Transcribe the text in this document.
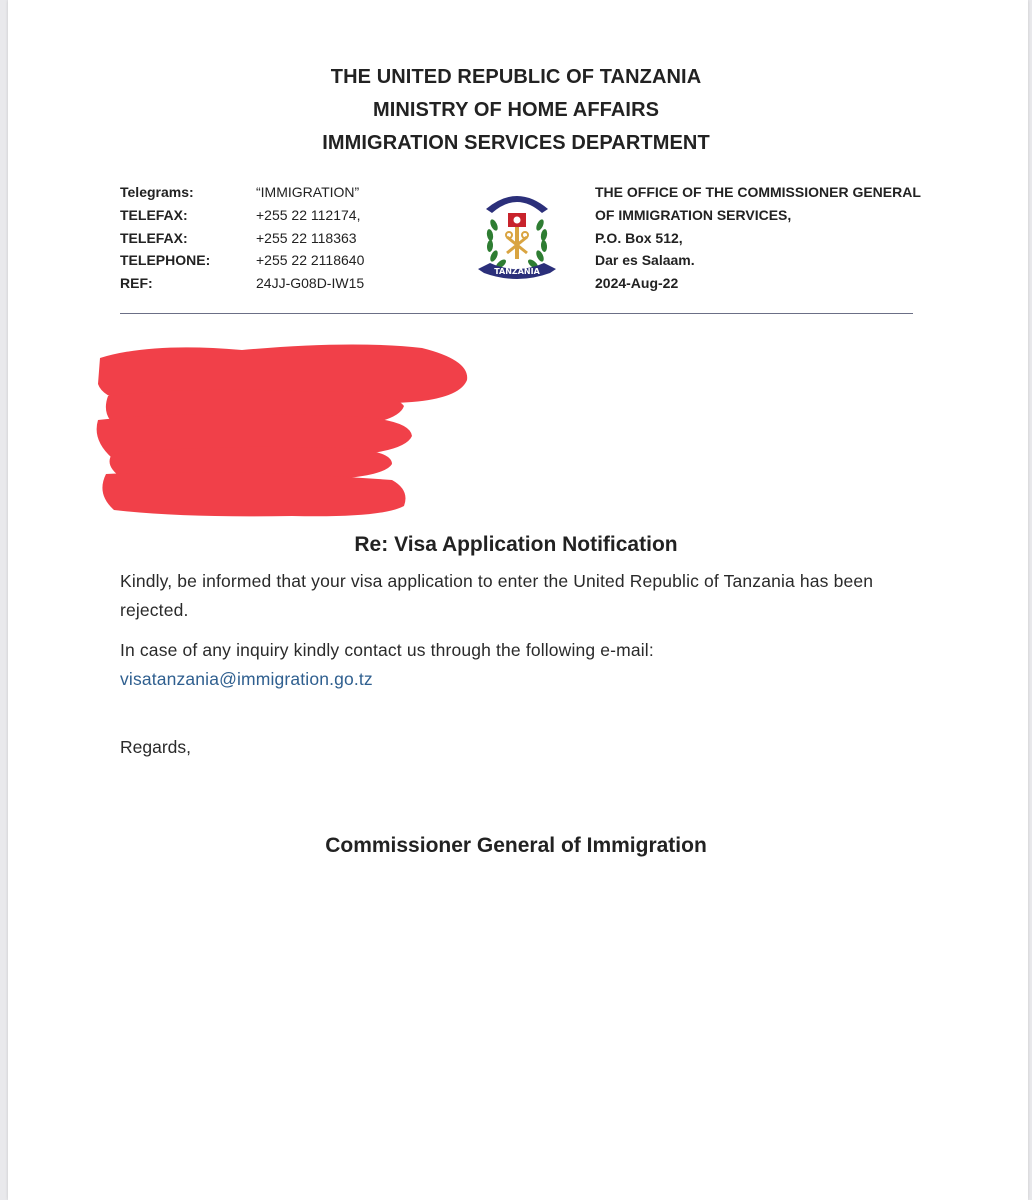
THE UNITED REPUBLIC OF TANZANIA
MINISTRY OF HOME AFFAIRS
IMMIGRATION SERVICES DEPARTMENT
Telegrams:	“IMMIGRATION”
TELEFAX:	+255 22 112174,
TELEFAX:	+255 22 118363
TELEPHONE:	+255 22 2118640
REF:	24JJ-G08D-IW15
IMMIGRATION
TANZANIA
THE OFFICE OF THE COMMISSIONER GENERAL
OF IMMIGRATION SERVICES,
P.O. Box 512,
Dar es Salaam.
2024-Aug-22
Re: Visa Application Notification
Kindly, be informed that your visa application to enter the United Republic of Tanzania has been rejected.
In case of any inquiry kindly contact us through the following e-mail:
visatanzania@immigration.go.tz
Regards,
Commissioner General of Immigration
